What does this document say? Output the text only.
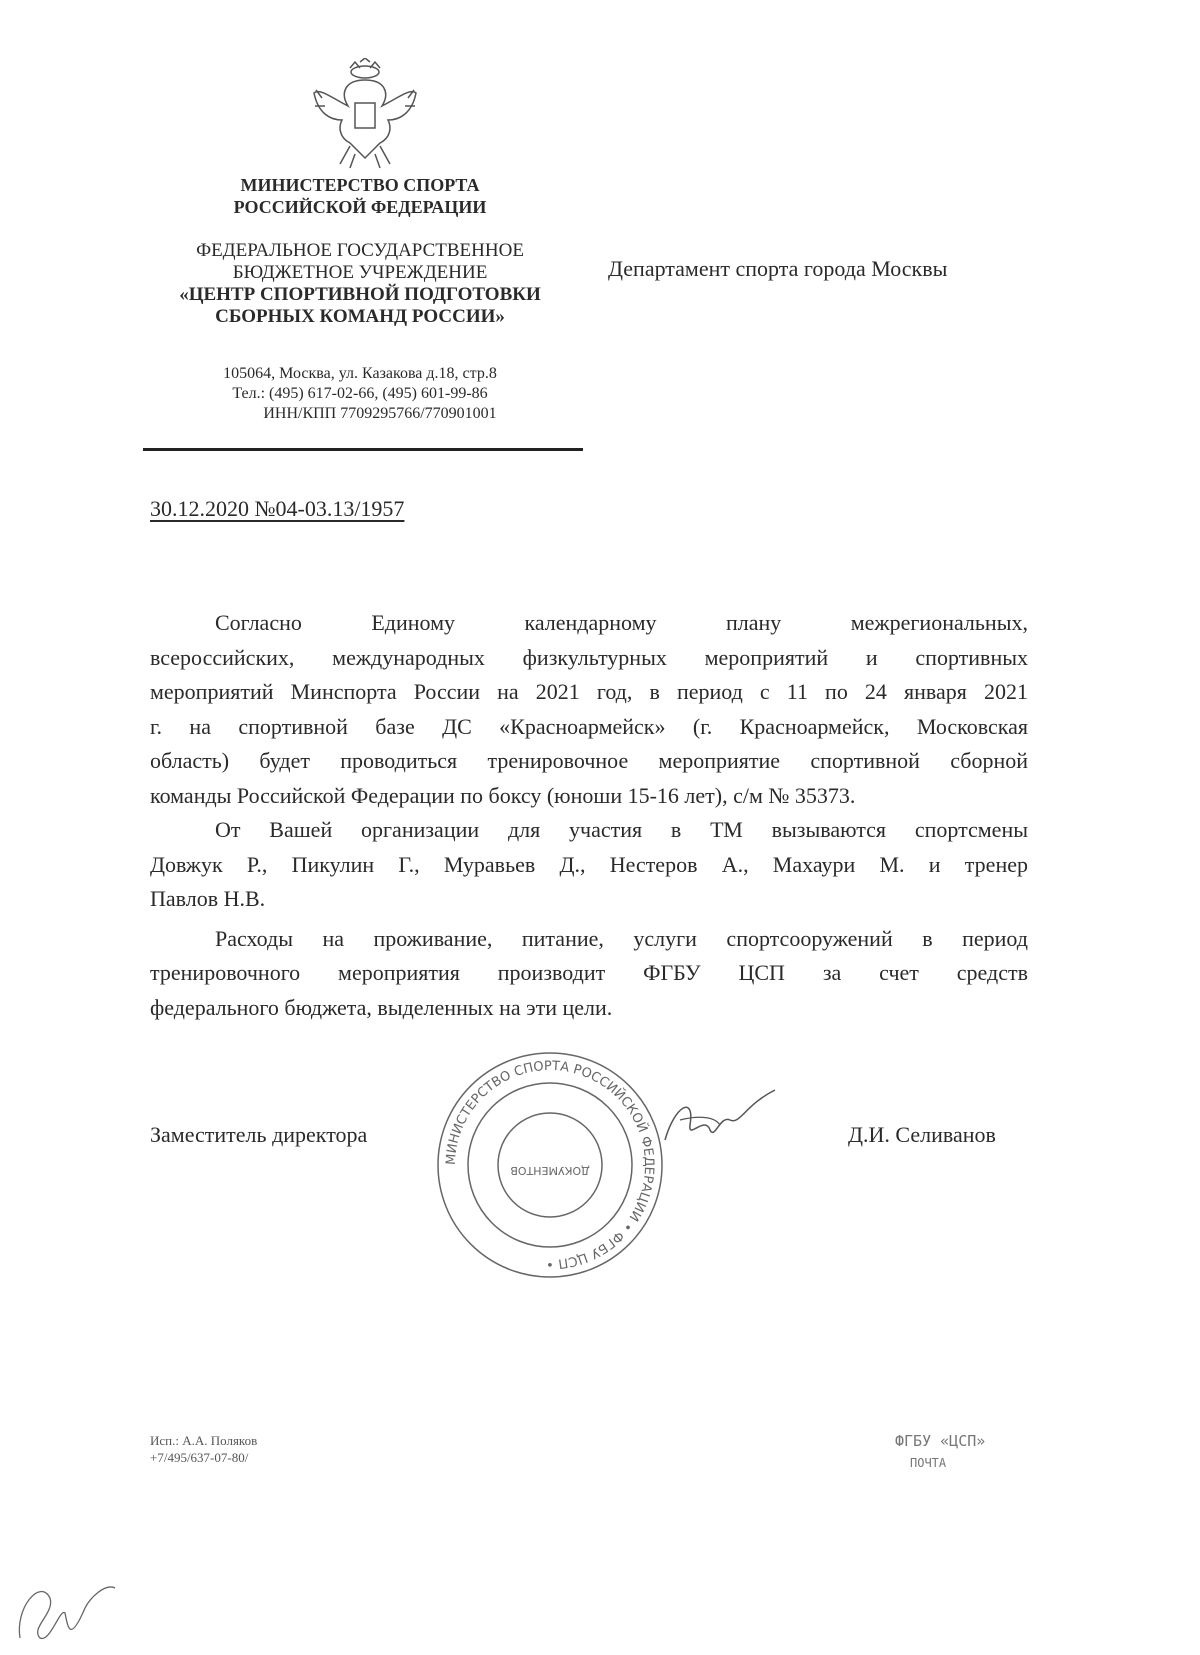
МИНИСТЕРСТВО СПОРТА
РОССИЙСКОЙ ФЕДЕРАЦИИ
ФЕДЕРАЛЬНОЕ ГОСУДАРСТВЕННОЕ
БЮДЖЕТНОЕ УЧРЕЖДЕНИЕ
«ЦЕНТР СПОРТИВНОЙ ПОДГОТОВКИ
СБОРНЫХ КОМАНД РОССИИ»
105064, Москва, ул. Казакова д.18, стр.8
Тел.: (495) 617-02-66, (495) 601-99-86
ИНН/КПП 7709295766/770901001
30.12.2020 №04-03.13/1957
Департамент спорта города Москвы
Согласно Единому календарному плану межрегиональных,
всероссийских, международных физкультурных мероприятий и спортивных
мероприятий Минспорта России на 2021 год, в период с 11 по 24 января 2021
г. на спортивной базе ДС «Красноармейск» (г. Красноармейск, Московская
область) будет проводиться тренировочное мероприятие спортивной сборной
команды Российской Федерации по боксу (юноши 15-16 лет), с/м № 35373.
От Вашей организации для участия в ТМ вызываются спортсмены
Довжук Р., Пикулин Г., Муравьев Д., Нестеров А., Махаури М. и тренер
Павлов Н.В.
Расходы на проживание, питание, услуги спортсооружений в период
тренировочного мероприятия производит ФГБУ ЦСП за счет средств
федерального бюджета, выделенных на эти цели.
Заместитель директора
МИНИСТЕРСТВО СПОРТА РОССИЙСКОЙ ФЕДЕРАЦИИ • ФГБУ ЦСП •
ДОКУМЕНТОВ
Д.И. Селиванов
Исп.: А.А. Поляков
+7/495/637-07-80/
ФГБУ «ЦСП»
ПОЧТА
